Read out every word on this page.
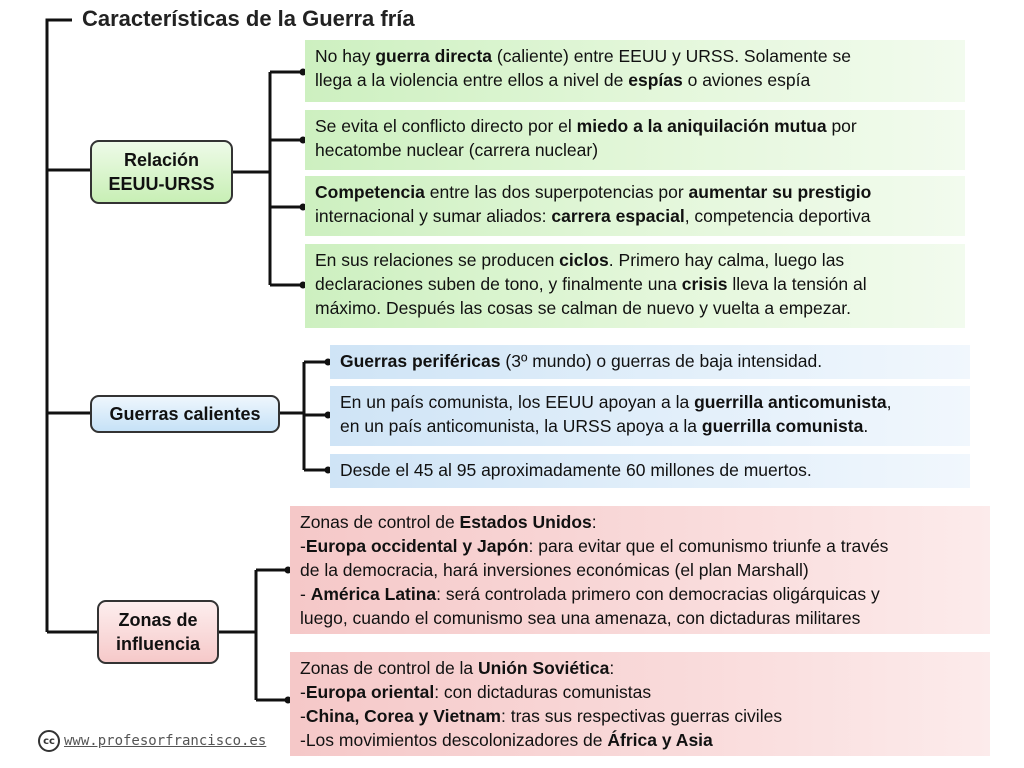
Características de la Guerra fría
Relación
EEUU-URSS
No hay guerra directa (caliente) entre EEUU y URSS. Solamente se
llega a la violencia entre ellos a nivel de espías o aviones espía
Se evita el conflicto directo por el miedo a la aniquilación mutua por
hecatombe nuclear (carrera nuclear)
Competencia entre las dos superpotencias por aumentar su prestigio
internacional y sumar aliados: carrera espacial, competencia deportiva
En sus relaciones se producen ciclos. Primero hay calma, luego las
declaraciones suben de tono, y finalmente una crisis lleva la tensión al
máximo. Después las cosas se calman de nuevo y vuelta a empezar.
Guerras calientes
Guerras periféricas (3º mundo) o guerras de baja intensidad.
En un país comunista, los EEUU apoyan a la guerrilla anticomunista,
en un país anticomunista, la URSS apoya a la guerrilla comunista.
Desde el 45 al 95 aproximadamente 60 millones de muertos.
Zonas de
influencia
Zonas de control de Estados Unidos:
-Europa occidental y Japón: para evitar que el comunismo triunfe a través
de la democracia, hará inversiones económicas (el plan Marshall)
- América Latina: será controlada primero con democracias oligárquicas y
luego, cuando el comunismo sea una amenaza, con dictaduras militares
Zonas de control de la Unión Soviética:
-Europa oriental: con dictaduras comunistas
-China, Corea y Vietnam: tras sus respectivas guerras civiles
-Los movimientos descolonizadores de África y Asia
cc www.profesorfrancisco.es
